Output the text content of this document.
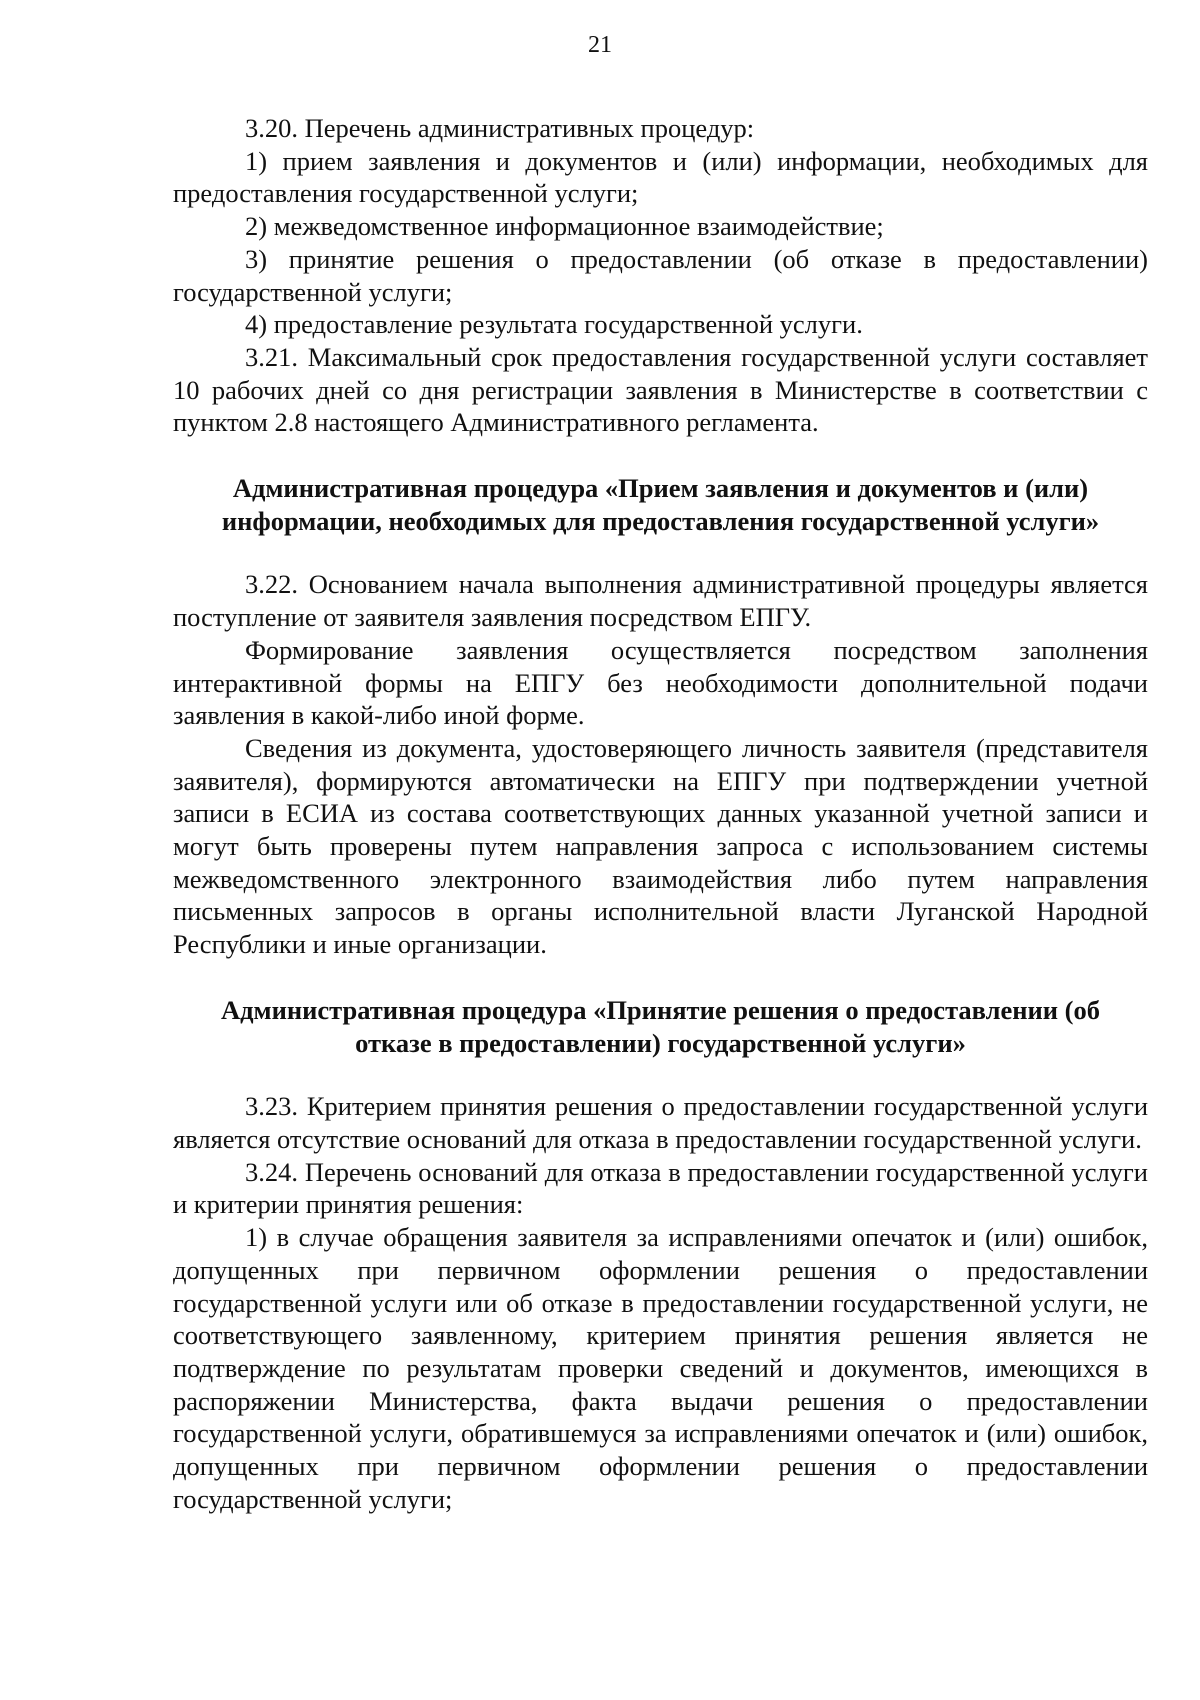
21

3.20. Перечень административных процедур:

1) прием заявления и документов и (или) информации, необходимых для предоставления государственной услуги;

2) межведомственное информационное взаимодействие;

3) принятие решения о предоставлении (об отказе в предоставлении) государственной услуги;

4) предоставление результата государственной услуги.

3.21. Максимальный срок предоставления государственной услуги составляет 10 рабочих дней со дня регистрации заявления в Министерстве в соответствии с пунктом 2.8 настоящего Административного регламента.

Административная процедура «Прием заявления и документов и (или) информации, необходимых для предоставления государственной услуги»

3.22. Основанием начала выполнения административной процедуры является поступление от заявителя заявления посредством ЕПГУ.

Формирование заявления осуществляется посредством заполнения интерактивной формы на ЕПГУ без необходимости дополнительной подачи заявления в какой-либо иной форме.

Сведения из документа, удостоверяющего личность заявителя (представителя заявителя), формируются автоматически на ЕПГУ при подтверждении учетной записи в ЕСИА из состава соответствующих данных указанной учетной записи и могут быть проверены путем направления запроса с использованием системы межведомственного электронного взаимодействия либо путем направления письменных запросов в органы исполнительной власти Луганской Народной Республики и иные организации.

Административная процедура «Принятие решения о предоставлении (об отказе в предоставлении) государственной услуги»

3.23. Критерием принятия решения о предоставлении государственной услуги является отсутствие оснований для отказа в предоставлении государственной услуги.

3.24. Перечень оснований для отказа в предоставлении государственной услуги и критерии принятия решения:

1) в случае обращения заявителя за исправлениями опечаток и (или) ошибок, допущенных при первичном оформлении решения о предоставлении государственной услуги или об отказе в предоставлении государственной услуги, не соответствующего заявленному, критерием принятия решения является не подтверждение по результатам проверки сведений и документов, имеющихся в распоряжении Министерства, факта выдачи решения о предоставлении государственной услуги, обратившемуся за исправлениями опечаток и (или) ошибок, допущенных при первичном оформлении решения о предоставлении государственной услуги;
